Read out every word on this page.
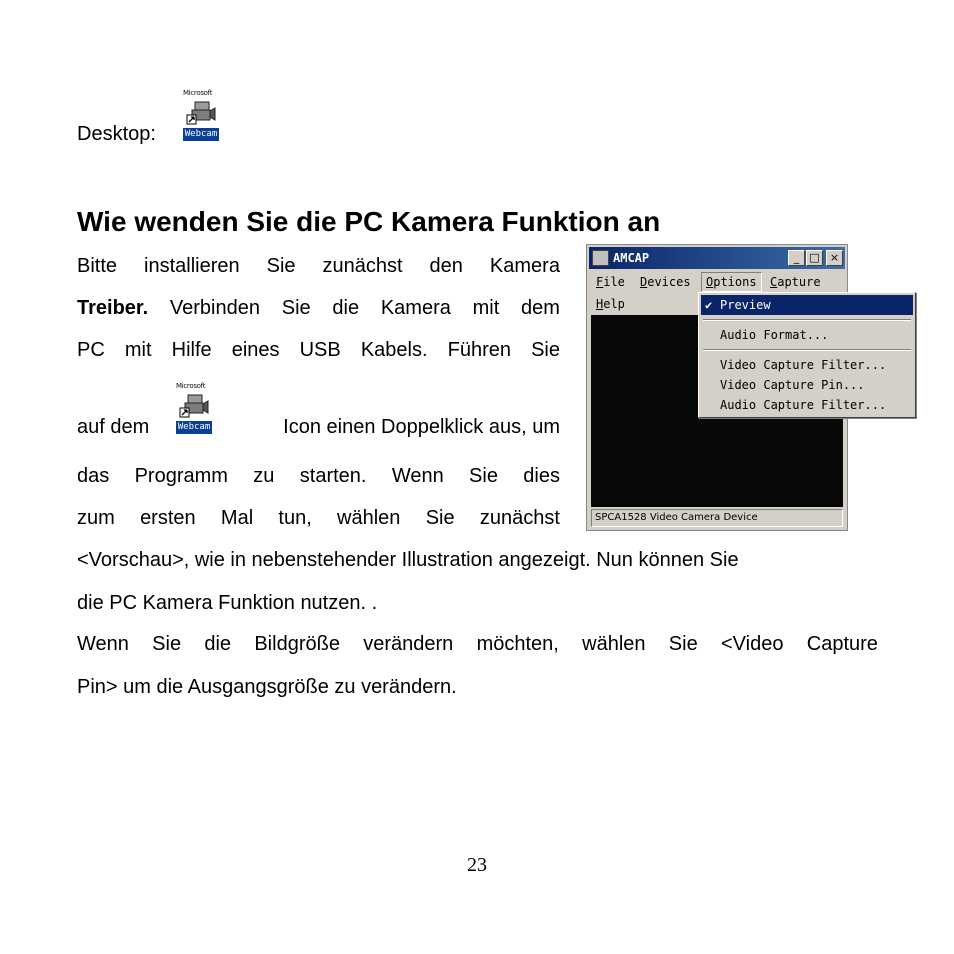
Desktop:
Microsoft
Webcam
Wie wenden Sie die PC Kamera Funktion an
Bitte installieren Sie zunächst den Kamera
Treiber. Verbinden Sie die Kamera mit dem
PC mit Hilfe eines USB Kabels. Führen Sie
auf dem
Microsoft
Webcam	Icon einen Doppelklick aus, um
das Programm zu starten. Wenn Sie dies
zum ersten Mal tun, wählen Sie zunächst
<Vorschau>, wie in nebenstehender Illustration angezeigt. Nun können Sie
die PC Kamera Funktion nutzen. .
Wenn Sie die Bildgröße verändern möchten, wählen Sie <Video Capture
Pin> um die Ausgangsgröße zu verändern.
AMCAP	_ □ ×
File Devices	Options	Capture
Help
SPCA1528 Video Camera Device
✔ Preview
Audio Format...
Video Capture Filter...
Video Capture Pin...
Audio Capture Filter...
23
